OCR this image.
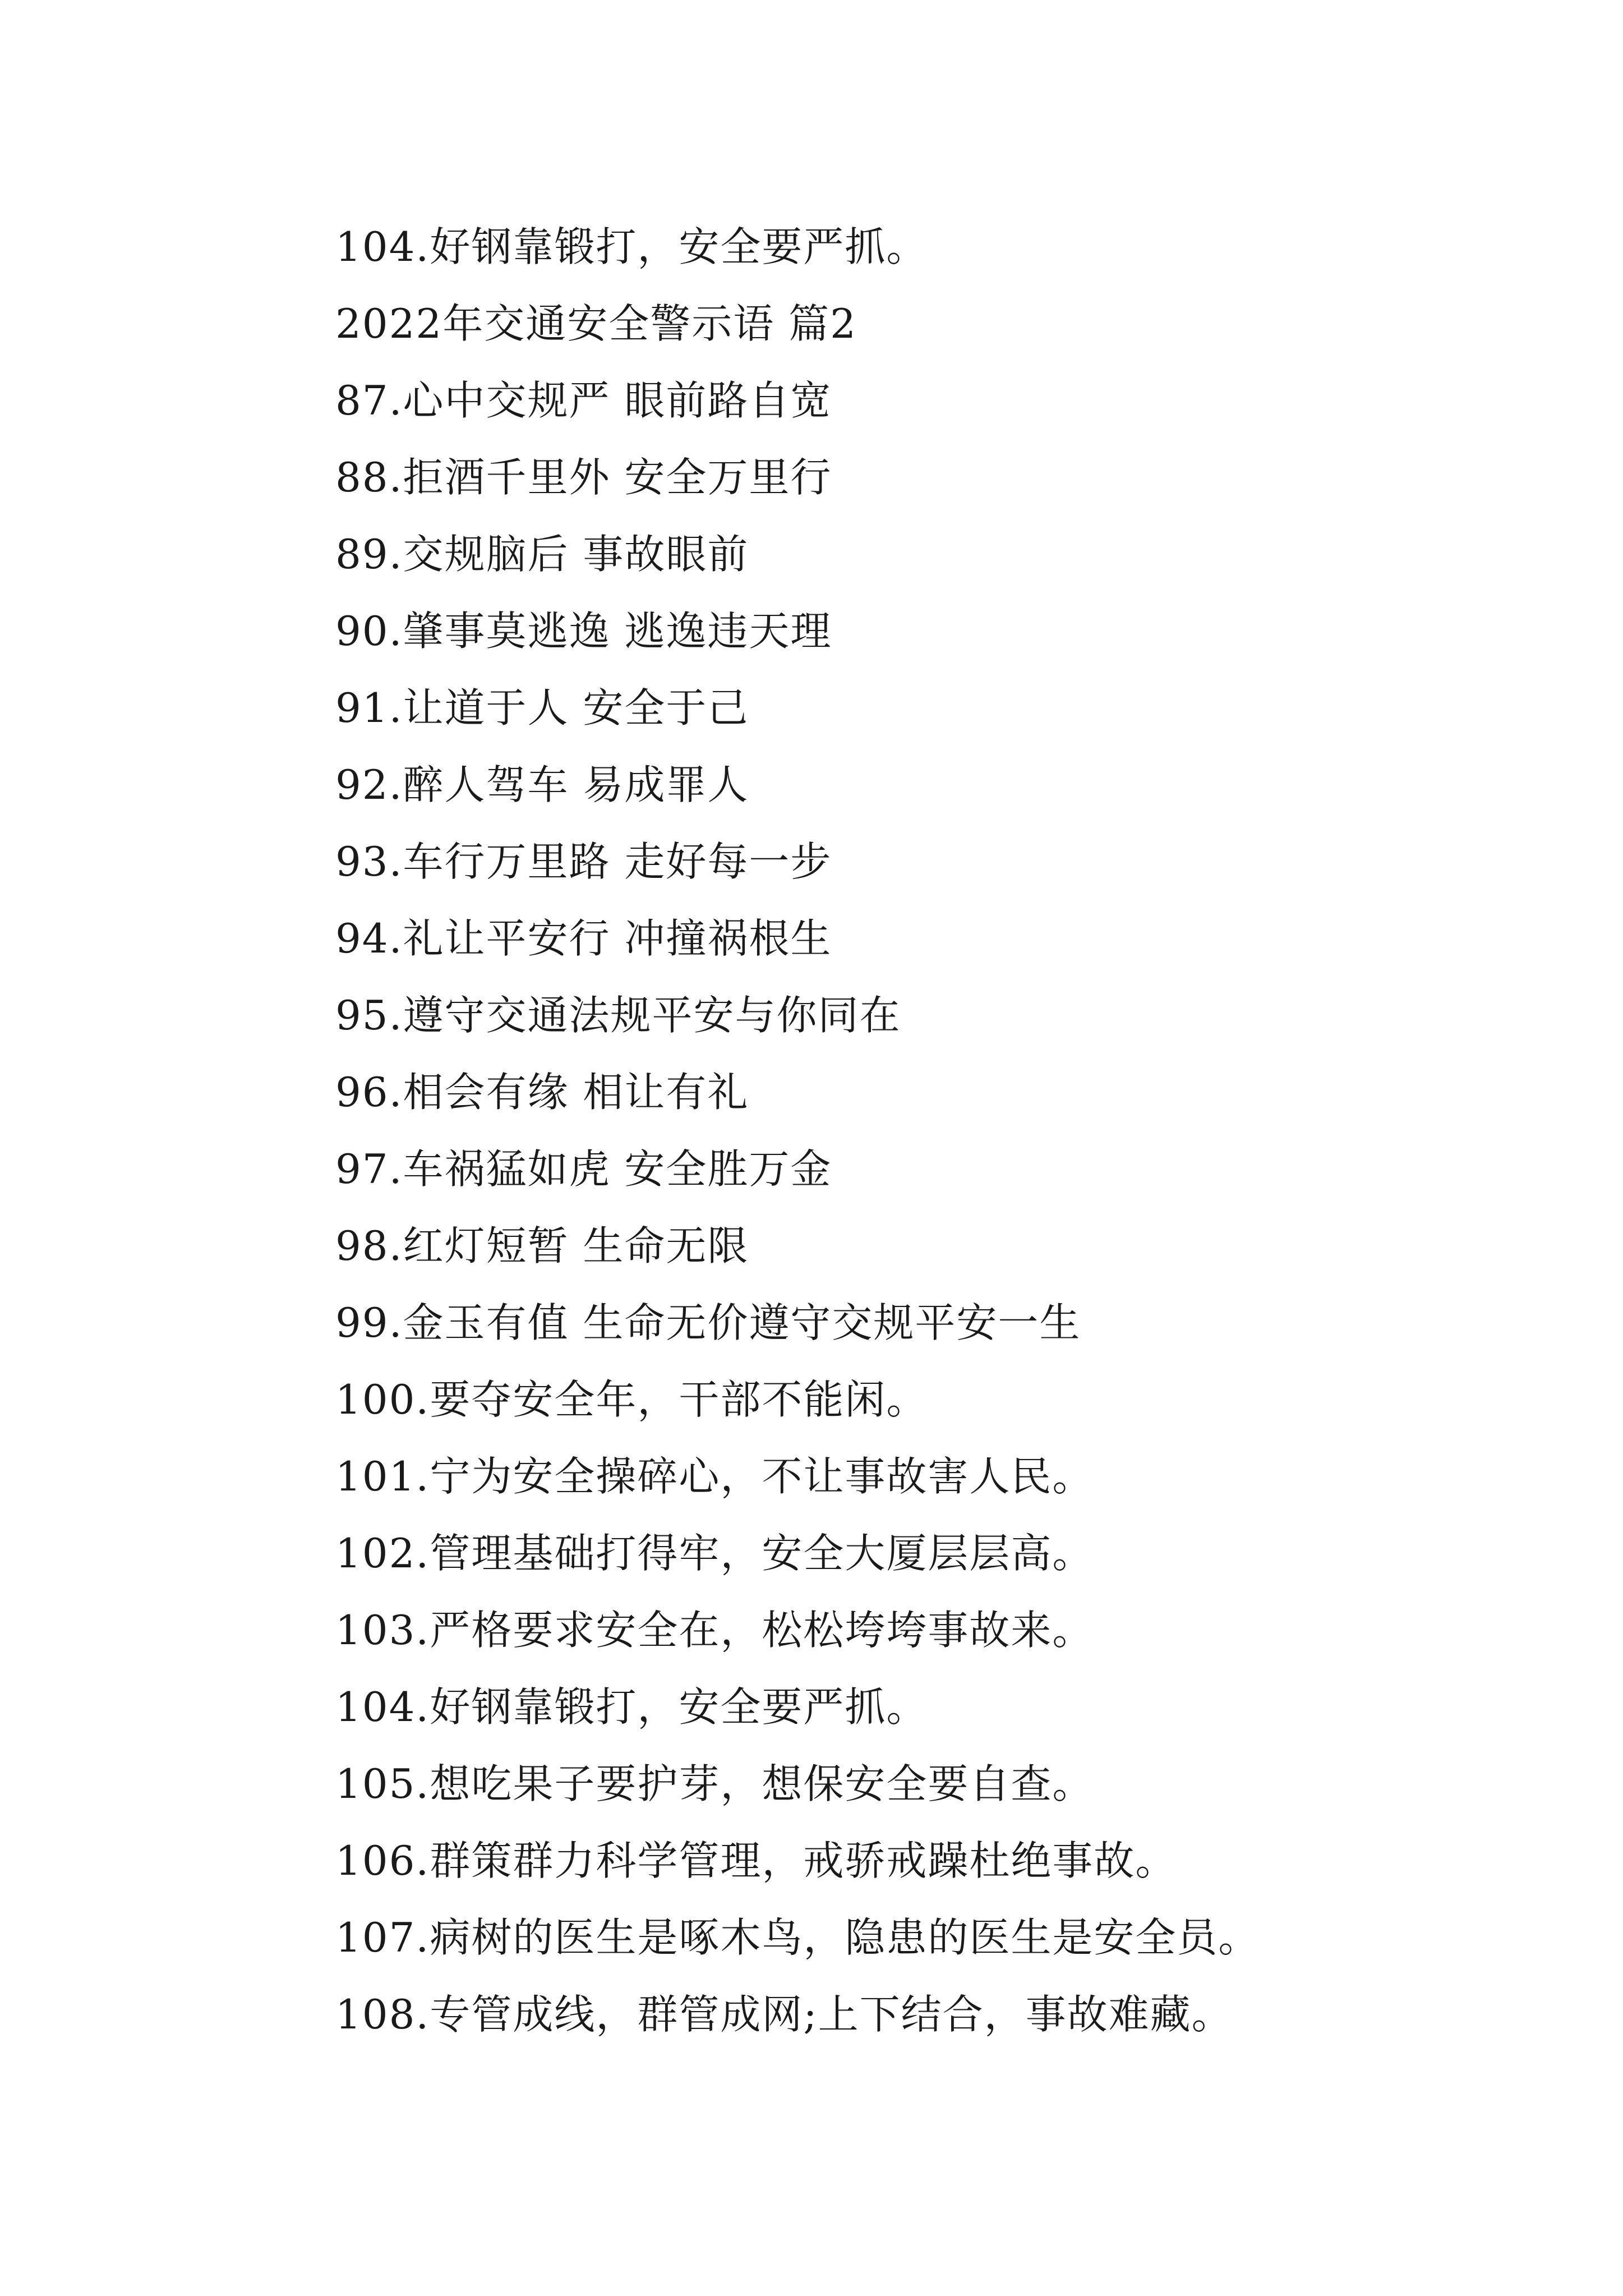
104.好钢靠锻打，安全要严抓。
2022年交通安全警示语 篇2
87.心中交规严 眼前路自宽
88.拒酒千里外 安全万里行
89.交规脑后 事故眼前
90.肇事莫逃逸 逃逸违天理
91.让道于人 安全于己
92.醉人驾车 易成罪人
93.车行万里路 走好每一步
94.礼让平安行 冲撞祸根生
95.遵守交通法规平安与你同在
96.相会有缘 相让有礼
97.车祸猛如虎 安全胜万金
98.红灯短暂 生命无限
99.金玉有值 生命无价遵守交规平安一生
100.要夺安全年，干部不能闲。
101.宁为安全操碎心，不让事故害人民。
102.管理基础打得牢，安全大厦层层高。
103.严格要求安全在，松松垮垮事故来。
104.好钢靠锻打，安全要严抓。
105.想吃果子要护芽，想保安全要自查。
106.群策群力科学管理，戒骄戒躁杜绝事故。
107.病树的医生是啄木鸟，隐患的医生是安全员。
108.专管成线，群管成网;上下结合，事故难藏。
